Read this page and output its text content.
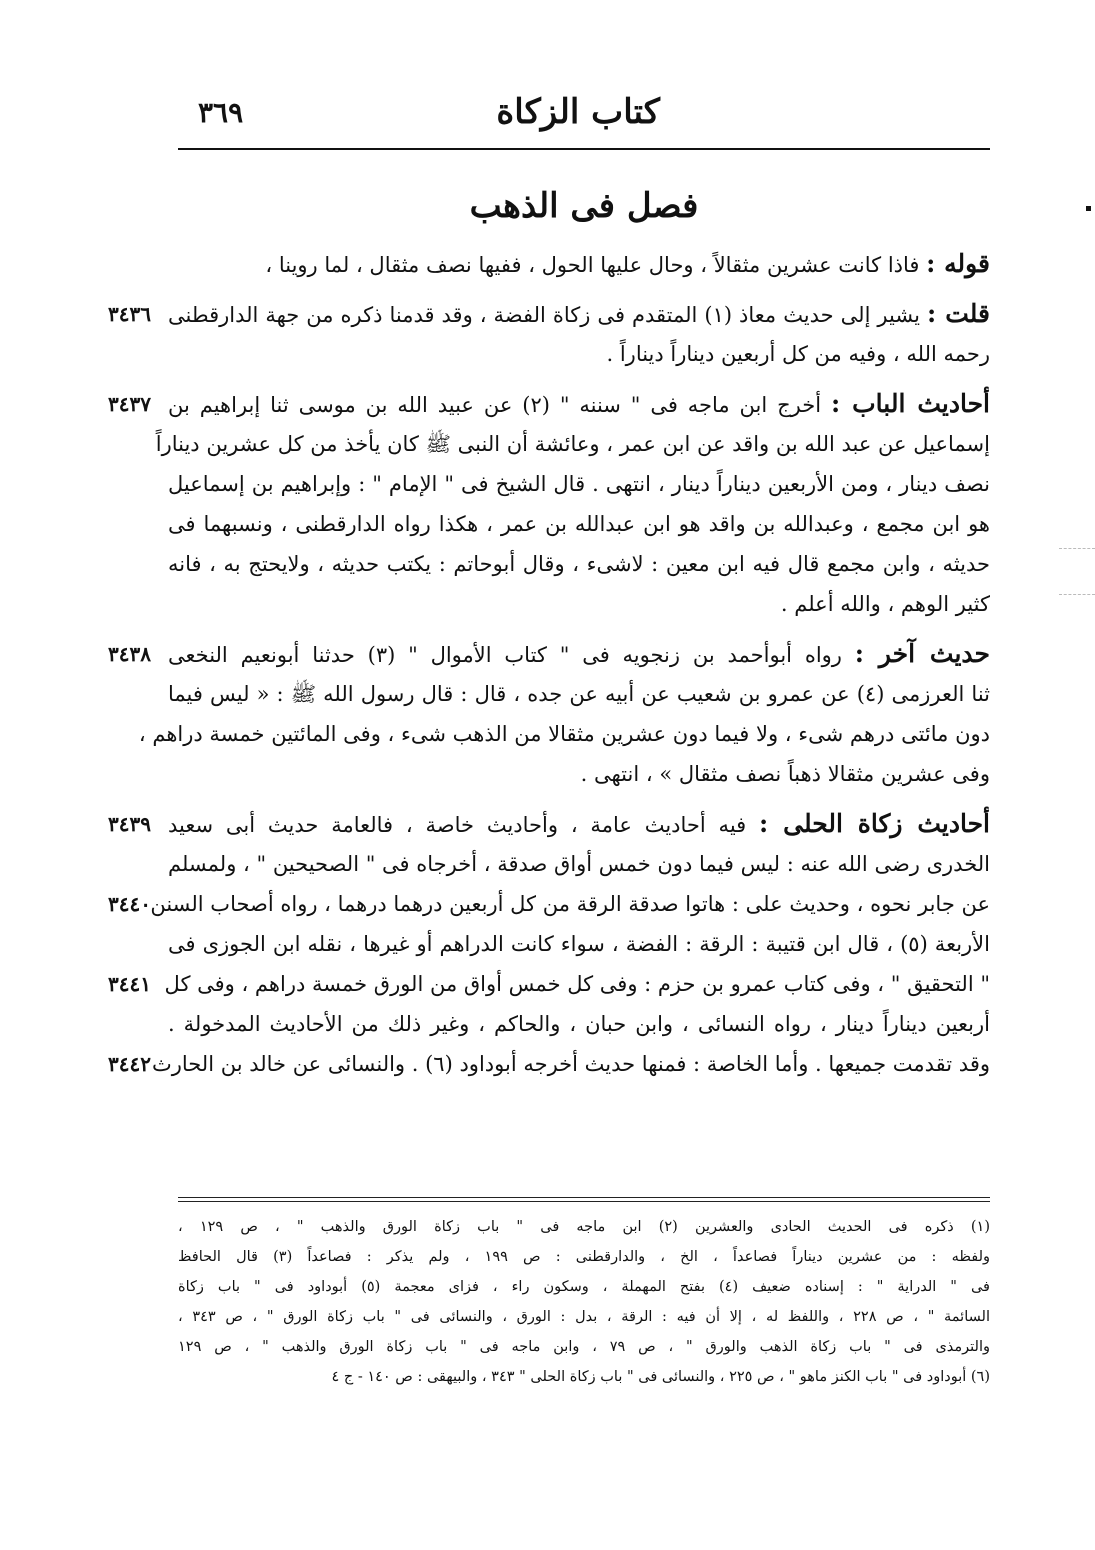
٣٦٩	كتاب الزكاة
فصل فى الذهب
قوله : فاذا كانت عشرين مثقالاً ، وحال عليها الحول ، ففيها نصف مثقال ، لما روينا ،
قلت : يشير إلى حديث معاذ (١) المتقدم فى زكاة الفضة ، وقد قدمنا ذكره من جهة الدارقطنى
٣٤٣٦
رحمه الله ، وفيه من كل أربعين ديناراً ديناراً .
أحاديث الباب : أخرج ابن ماجه فى " سننه " (٢) عن عبيد الله بن موسى ثنا إبراهيم بن
٣٤٣٧
إسماعيل عن عبد الله بن واقد عن ابن عمر ، وعائشة أن النبى ﷺ كان يأخذ من كل عشرين ديناراً
نصف دينار ، ومن الأربعين ديناراً دينار ، انتهى . قال الشيخ فى " الإمام " : وإبراهيم بن إسماعيل
هو ابن مجمع ، وعبدالله بن واقد هو ابن عبدالله بن عمر ، هكذا رواه الدارقطنى ، ونسبهما فى
حديثه ، وابن مجمع قال فيه ابن معين : لاشىء ، وقال أبوحاتم : يكتب حديثه ، ولايحتج به ، فانه
كثير الوهم ، والله أعلم .
حديث آخر : رواه أبوأحمد بن زنجويه فى " كتاب الأموال " (٣) حدثنا أبونعيم النخعى
٣٤٣٨
ثنا العرزمى (٤) عن عمرو بن شعيب عن أبيه عن جده ، قال : قال رسول الله ﷺ : « ليس فيما
دون مائتى درهم شىء ، ولا فيما دون عشرين مثقالا من الذهب شىء ، وفى المائتين خمسة دراهم ،
وفى عشرين مثقالا ذهباً نصف مثقال » ، انتهى .
أحاديث زكاة الحلى : فيه أحاديث عامة ، وأحاديث خاصة ، فالعامة حديث أبى سعيد
٣٤٣٩
الخدرى رضى الله عنه : ليس فيما دون خمس أواق صدقة ، أخرجاه فى " الصحيحين " ، ولمسلم
عن جابر نحوه ، وحديث على : هاتوا صدقة الرقة من كل أربعين درهما درهما ، رواه أصحاب السنن
٣٤٤٠
الأربعة (٥) ، قال ابن قتيبة : الرقة : الفضة ، سواء كانت الدراهم أو غيرها ، نقله ابن الجوزى فى
" التحقيق " ، وفى كتاب عمرو بن حزم : وفى كل خمس أواق من الورق خمسة دراهم ، وفى كل
٣٤٤١
أربعين ديناراً دينار ، رواه النسائى ، وابن حبان ، والحاكم ، وغير ذلك من الأحاديث المدخولة .
وقد تقدمت جميعها . وأما الخاصة : فمنها حديث أخرجه أبوداود (٦) . والنسائى عن خالد بن الحارث
٣٤٤٢
(١) ذكره فى الحديث الحادى والعشرين (٢) ابن ماجه فى " باب زكاة الورق والذهب " ، ص ١٢٩ ،
ولفظه : من عشرين ديناراً فصاعداً ، الخ ، والدارقطنى : ص ١٩٩ ، ولم يذكر : فصاعداً (٣) قال الحافظ
فى " الدراية " : إسناده ضعيف (٤) بفتح المهملة ، وسكون راء ، فزاى معجمة (٥) أبوداود فى " باب زكاة
السائمة " ، ص ٢٢٨ ، واللفظ له ، إلا أن فيه : الرقة ، بدل : الورق ، والنسائى فى " باب زكاة الورق " ، ص ٣٤٣ ،
والترمذى فى " باب زكاة الذهب والورق " ، ص ٧٩ ، وابن ماجه فى " باب زكاة الورق والذهب " ، ص ١٢٩
(٦) أبوداود فى " باب الكنز ماهو " ، ص ٢٢٥ ، والنسائى فى " باب زكاة الحلى " ٣٤٣ ، والبيهقى : ص ١٤٠ - ج ٤
